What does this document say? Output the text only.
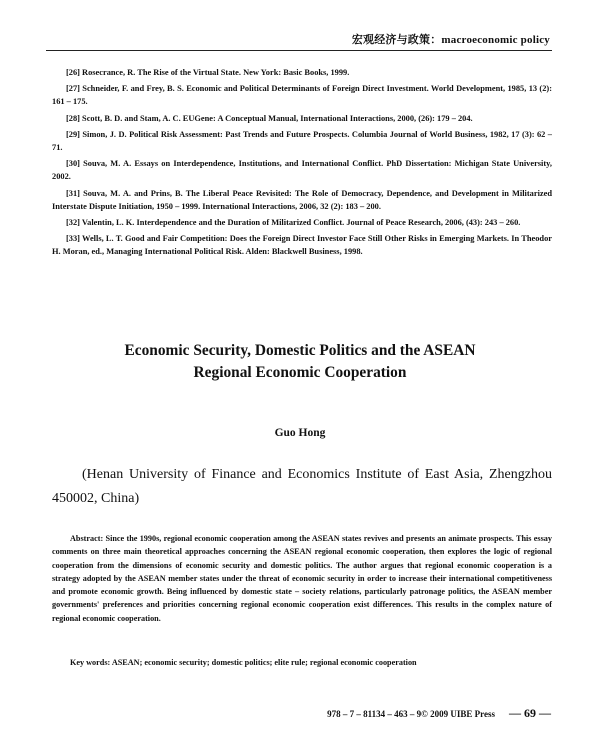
宏观经济与政策：macroeconomic policy

[26] Rosecrance, R. The Rise of the Virtual State. New York: Basic Books, 1999.

[27] Schneider, F. and Frey, B. S. Economic and Political Determinants of Foreign Direct Investment. World Development, 1985, 13 (2): 161 – 175.

[28] Scott, B. D. and Stam, A. C. EUGene: A Conceptual Manual, International Interactions, 2000, (26): 179 – 204.

[29] Simon, J. D. Political Risk Assessment: Past Trends and Future Prospects. Columbia Journal of World Business, 1982, 17 (3): 62 – 71.

[30] Souva, M. A. Essays on Interdependence, Institutions, and International Conflict. PhD Dissertation: Michigan State University, 2002.

[31] Souva, M. A. and Prins, B. The Liberal Peace Revisited: The Role of Democracy, Dependence, and Development in Militarized Interstate Dispute Initiation, 1950 – 1999. International Interactions, 2006, 32 (2): 183 – 200.

[32] Valentin, L. K. Interdependence and the Duration of Militarized Conflict. Journal of Peace Research, 2006, (43): 243 – 260.

[33] Wells, L. T. Good and Fair Competition: Does the Foreign Direct Investor Face Still Other Risks in Emerging Markets. In Theodor H. Moran, ed., Managing International Political Risk. Alden: Blackwell Business, 1998.

Economic Security, Domestic Politics and the ASEAN
Regional Economic Cooperation
Guo Hong
(Henan University of Finance and Economics Institute of East Asia, Zhengzhou 450002, China)

Abstract: Since the 1990s, regional economic cooperation among the ASEAN states revives and presents an animate prospects. This essay comments on three main theoretical approaches concerning the ASEAN regional economic cooperation, then explores the logic of regional cooperation from the dimensions of economic security and domestic politics. The author argues that regional economic cooperation is a strategy adopted by the ASEAN member states under the threat of economic security in order to increase their international competitiveness and promote economic growth. Being influenced by domestic state – society relations, particularly patronage politics, the ASEAN member governments' preferences and priorities concerning regional economic cooperation exist differences. This results in the complex nature of regional economic cooperation.

Key words: ASEAN; economic security; domestic politics; elite rule; regional economic cooperation

978 – 7 – 81134 – 463 – 9© 2009 UIBE Press — 69 —
